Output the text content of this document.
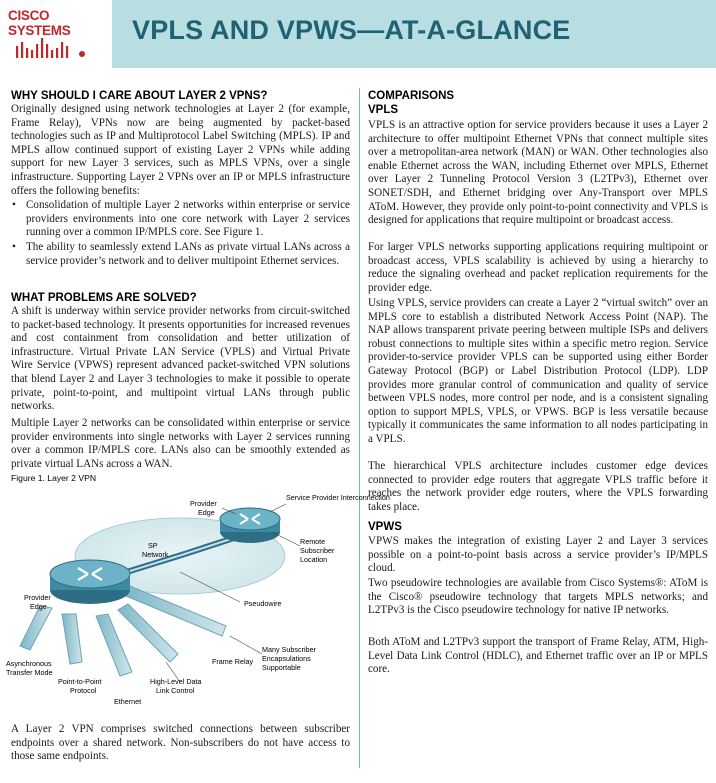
CISCO SYSTEMS	VPLS AND VPWS—AT-A-GLANCE
WHY SHOULD I CARE ABOUT LAYER 2 VPNS?

Originally designed using network technologies at Layer 2 (for example, Frame Relay), VPNs now are being augmented by packet-based technologies such as IP and Multiprotocol Label Switching (MPLS). IP and MPLS allow continued support of existing Layer 2 VPNs while adding support for new Layer 3 services, such as MPLS VPNs, over a single infrastructure. Supporting Layer 2 VPNs over an IP or MPLS infrastructure offers the following benefits:

• Consolidation of multiple Layer 2 networks within enterprise or service providers environments into one core network with Layer 2 services running over a common IP/MPLS core. See Figure 1.
• The ability to seamlessly extend LANs as private virtual LANs across a service provider’s network and to deliver multipoint Ethernet services.
WHAT PROBLEMS ARE SOLVED?

A shift is underway within service provider networks from circuit-switched to packet-based technology. It presents opportunities for increased revenues and cost containment from consolidation and better utilization of infrastructure. Virtual Private LAN Service (VPLS) and Virtual Private Wire Service (VPWS) represent advanced packet-switched VPN solutions that blend Layer 2 and Layer 3 technologies to make it possible to operate private, point-to-point, and multipoint virtual LANs through public networks.

Multiple Layer 2 networks can be consolidated within enterprise or service provider environments into single networks with Layer 2 services running over a common IP/MPLS core. LANs also can be smoothly extended as private virtual LANs across a WAN.

Figure 1. Layer 2 VPN
Service Provider Interconnection
Provider
Edge
SP
Network
Remote
Subscriber
Location
Provider
Edge	Pseudowire
Many Subscriber
Encapsulations
Supportable
Frame Relay
Asynchronous
Transfer Mode
Point-to-Point
Protocol
High-Level Data
Link Control
Ethernet

A Layer 2 VPN comprises switched connections between subscriber endpoints over a shared network. Non-subscribers do not have access to those same endpoints.

COMPARISONS
VPLS

VPLS is an attractive option for service providers because it uses a Layer 2 architecture to offer multipoint Ethernet VPNs that connect multiple sites over a metropolitan-area network (MAN) or WAN. Other technologies also enable Ethernet across the WAN, including Ethernet over MPLS, Ethernet over Layer 2 Tunneling Protocol Version 3 (L2TPv3), Ethernet over SONET/SDH, and Ethernet bridging over Any-Transport over MPLS AToM. However, they provide only point-to-point connectivity and VPLS is designed for applications that require multipoint or broadcast access.

For larger VPLS networks supporting applications requiring multipoint or broadcast access, VPLS scalability is achieved by using a hierarchy to reduce the signaling overhead and packet replication requirements for the provider edge.

Using VPLS, service providers can create a Layer 2 “virtual switch” over an MPLS core to establish a distributed Network Access Point (NAP). The NAP allows transparent private peering between multiple ISPs and delivers robust connections to multiple sites within a specific metro region. Service provider-to-service provider VPLS can be supported using either Border Gateway Protocol (BGP) or Label Distribution Protocol (LDP). LDP provides more granular control of communication and quality of service between VPLS nodes, more control per node, and is a consistent signaling option to support MPLS, VPLS, or VPWS. BGP is less versatile because typically it communicates the same information to all nodes participating in a VPLS.

The hierarchical VPLS architecture includes customer edge devices connected to provider edge routers that aggregate VPLS traffic before it reaches the network provider edge routers, where the VPLS forwarding takes place.

VPWS

VPWS makes the integration of existing Layer 2 and Layer 3 services possible on a point-to-point basis across a service provider’s IP/MPLS cloud.

Two pseudowire technologies are available from Cisco Systems®: AToM is the Cisco® pseudowire technology that targets MPLS networks; and L2TPv3 is the Cisco pseudowire technology for native IP networks.

Both AToM and L2TPv3 support the transport of Frame Relay, ATM, High-Level Data Link Control (HDLC), and Ethernet traffic over an IP or MPLS core.
